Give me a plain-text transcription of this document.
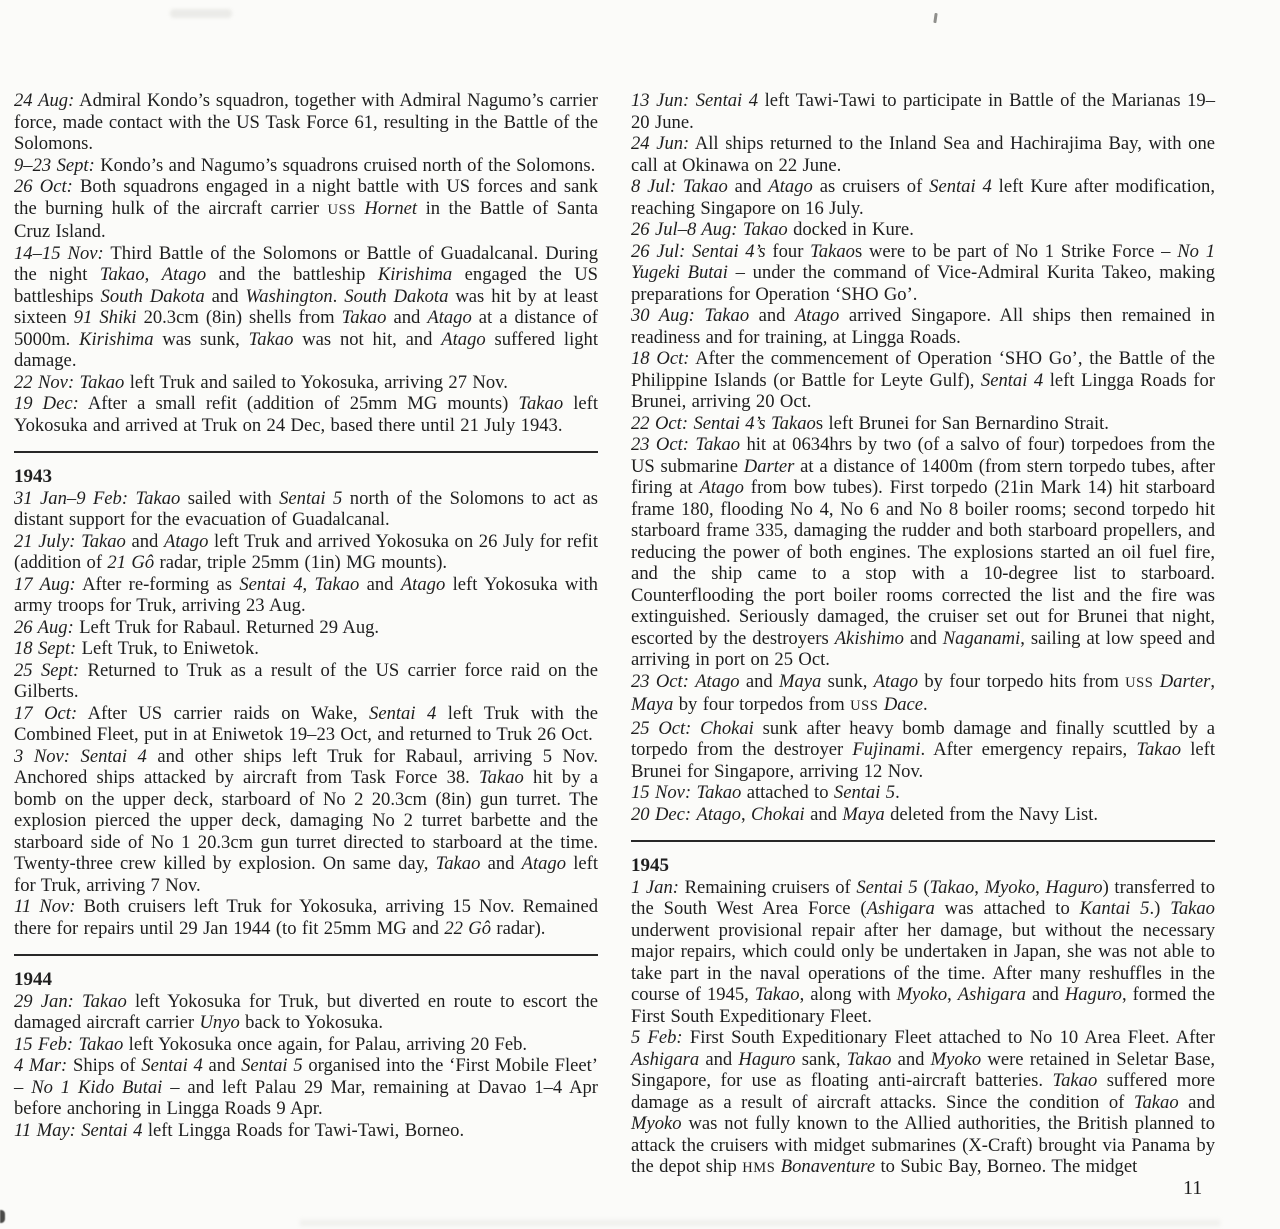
24 Aug: Admiral Kondo’s squadron, together with Admiral Nagumo’s carrier force, made contact with the US Task Force 61, resulting in the Battle of the Solomons.

9–23 Sept: Kondo’s and Nagumo’s squadrons cruised north of the Solomons.

26 Oct: Both squadrons engaged in a night battle with US forces and sank the burning hulk of the aircraft carrier USS Hornet in the Battle of Santa Cruz Island.

14–15 Nov: Third Battle of the Solomons or Battle of Guadalcanal. During the night Takao, Atago and the battleship Kirishima engaged the US battleships South Dakota and Washington. South Dakota was hit by at least sixteen 91 Shiki 20.3cm (8in) shells from Takao and Atago at a distance of 5000m. Kirishima was sunk, Takao was not hit, and Atago suffered light damage.

22 Nov: Takao left Truk and sailed to Yokosuka, arriving 27 Nov.

19 Dec: After a small refit (addition of 25mm MG mounts) Takao left Yokosuka and arrived at Truk on 24 Dec, based there until 21 July 1943.

1943

31 Jan–9 Feb: Takao sailed with Sentai 5 north of the Solomons to act as distant support for the evacuation of Guadalcanal.

21 July: Takao and Atago left Truk and arrived Yokosuka on 26 July for refit (addition of 21 Gô radar, triple 25mm (1in) MG mounts).

17 Aug: After re-forming as Sentai 4, Takao and Atago left Yokosuka with army troops for Truk, arriving 23 Aug.

26 Aug: Left Truk for Rabaul. Returned 29 Aug.

18 Sept: Left Truk, to Eniwetok.

25 Sept: Returned to Truk as a result of the US carrier force raid on the Gilberts.

17 Oct: After US carrier raids on Wake, Sentai 4 left Truk with the Combined Fleet, put in at Eniwetok 19–23 Oct, and returned to Truk 26 Oct.

3 Nov: Sentai 4 and other ships left Truk for Rabaul, arriving 5 Nov. Anchored ships attacked by aircraft from Task Force 38. Takao hit by a bomb on the upper deck, starboard of No 2 20.3cm (8in) gun turret. The explosion pierced the upper deck, damaging No 2 turret barbette and the starboard side of No 1 20.3cm gun turret directed to starboard at the time. Twenty-three crew killed by explosion. On same day, Takao and Atago left for Truk, arriving 7 Nov.

11 Nov: Both cruisers left Truk for Yokosuka, arriving 15 Nov. Remained there for repairs until 29 Jan 1944 (to fit 25mm MG and 22 Gô radar).

1944

29 Jan: Takao left Yokosuka for Truk, but diverted en route to escort the damaged aircraft carrier Unyo back to Yokosuka.

15 Feb: Takao left Yokosuka once again, for Palau, arriving 20 Feb.

4 Mar: Ships of Sentai 4 and Sentai 5 organised into the ‘First Mobile Fleet’ – No 1 Kido Butai – and left Palau 29 Mar, remaining at Davao 1–4 Apr before anchoring in Lingga Roads 9 Apr.

11 May: Sentai 4 left Lingga Roads for Tawi-Tawi, Borneo.

13 Jun: Sentai 4 left Tawi-Tawi to participate in Battle of the Marianas 19–20 June.

24 Jun: All ships returned to the Inland Sea and Hachirajima Bay, with one call at Okinawa on 22 June.

8 Jul: Takao and Atago as cruisers of Sentai 4 left Kure after modification, reaching Singapore on 16 July.

26 Jul–8 Aug: Takao docked in Kure.

26 Jul: Sentai 4’s four Takaos were to be part of No 1 Strike Force – No 1 Yugeki Butai – under the command of Vice-Admiral Kurita Takeo, making preparations for Operation ‘SHO Go’.

30 Aug: Takao and Atago arrived Singapore. All ships then remained in readiness and for training, at Lingga Roads.

18 Oct: After the commencement of Operation ‘SHO Go’, the Battle of the Philippine Islands (or Battle for Leyte Gulf), Sentai 4 left Lingga Roads for Brunei, arriving 20 Oct.

22 Oct: Sentai 4’s Takaos left Brunei for San Bernardino Strait.

23 Oct: Takao hit at 0634hrs by two (of a salvo of four) torpedoes from the US submarine Darter at a distance of 1400m (from stern torpedo tubes, after firing at Atago from bow tubes). First torpedo (21in Mark 14) hit starboard frame 180, flooding No 4, No 6 and No 8 boiler rooms; second torpedo hit starboard frame 335, damaging the rudder and both starboard propellers, and reducing the power of both engines. The explosions started an oil fuel fire, and the ship came to a stop with a 10-degree list to starboard. Counterflooding the port boiler rooms corrected the list and the fire was extinguished. Seriously damaged, the cruiser set out for Brunei that night, escorted by the destroyers Akishimo and Naganami, sailing at low speed and arriving in port on 25 Oct.

23 Oct: Atago and Maya sunk, Atago by four torpedo hits from USS Darter, Maya by four torpedos from USS Dace.

25 Oct: Chokai sunk after heavy bomb damage and finally scuttled by a torpedo from the destroyer Fujinami. After emergency repairs, Takao left Brunei for Singapore, arriving 12 Nov.

15 Nov: Takao attached to Sentai 5.

20 Dec: Atago, Chokai and Maya deleted from the Navy List.

1945

1 Jan: Remaining cruisers of Sentai 5 (Takao, Myoko, Haguro) transferred to the South West Area Force (Ashigara was attached to Kantai 5.) Takao underwent provisional repair after her damage, but without the necessary major repairs, which could only be undertaken in Japan, she was not able to take part in the naval operations of the time. After many reshuffles in the course of 1945, Takao, along with Myoko, Ashigara and Haguro, formed the First South Expeditionary Fleet.

5 Feb: First South Expeditionary Fleet attached to No 10 Area Fleet. After Ashigara and Haguro sank, Takao and Myoko were retained in Seletar Base, Singapore, for use as floating anti-aircraft batteries. Takao suffered more damage as a result of aircraft attacks. Since the condition of Takao and Myoko was not fully known to the Allied authorities, the British planned to attack the cruisers with midget submarines (X-Craft) brought via Panama by the depot ship HMS Bonaventure to Subic Bay, Borneo. The midget

11
